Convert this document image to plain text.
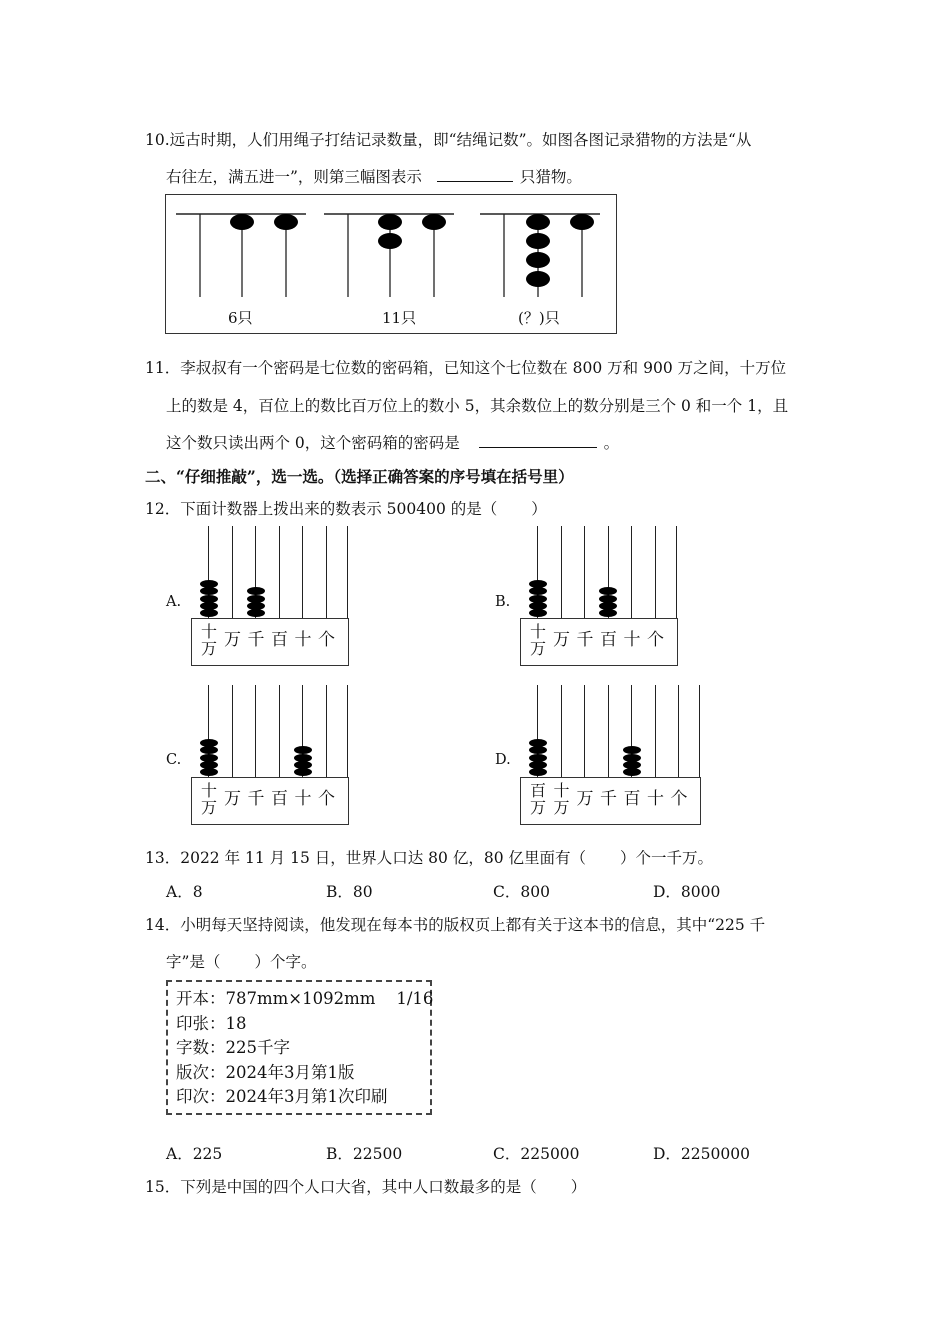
10.远古时期，人们用绳子打结记录数量，即“结绳记数”。如图各图记录猎物的方法是“从
右往左，满五进一”，则第三幅图表示	只猎物。
6只	11只	(？)只
11．李叔叔有一个密码是七位数的密码箱，已知这个七位数在 800 万和 900 万之间，十万位
上的数是 4，百位上的数比百万位上的数小 5，其余数位上的数分别是三个 0 和一个 1，且
这个数只读出两个 0，这个密码箱的密码是	。
二、“仔细推敲”，选一选。（选择正确答案的序号填在括号里）
12．下面计数器上拨出来的数表示 500400 的是（ ）
A.	B.
C.	D.
十万 万 千 百 十 个	十万 万 千 百 十 个
十万 万 千 百 十 个	百万
十万 万 千 百 十 个
13．2022 年 11 月 15 日，世界人口达 80 亿，80 亿里面有（ ）个一千万。
A．8	B．80	C．800	D．8000
14．小明每天坚持阅读，他发现在每本书的版权页上都有关于这本书的信息，其中“225 千
字”是（ ）个字。
开本：787mm×1092mm    1/16
印张：18
字数：225千字
版次：2024年3月第1版
印次：2024年3月第1次印刷
A．225	B．22500	C．225000	D．2250000
15．下列是中国的四个人口大省，其中人口数最多的是（ ）
